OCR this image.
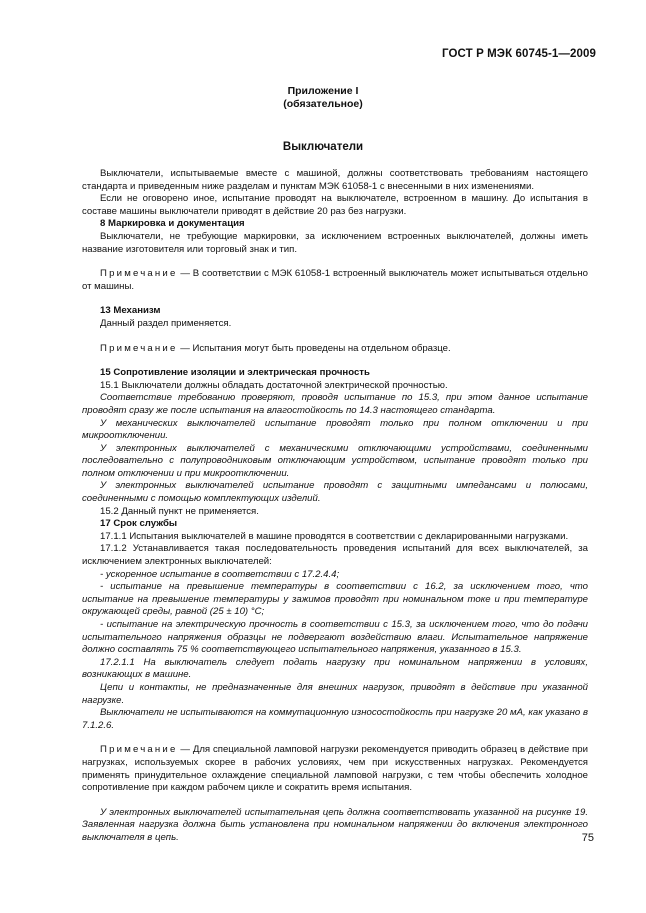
ГОСТ Р МЭК 60745-1—2009
Приложение I
(обязательное)
Выключатели

Выключатели, испытываемые вместе с машиной, должны соответствовать требованиям настоящего стандарта и приведенным ниже разделам и пунктам МЭК 61058-1 с внесенными в них изменениями.

Если не оговорено иное, испытание проводят на выключателе, встроенном в машину. До испытания в составе машины выключатели приводят в действие 20 раз без нагрузки.

8 Маркировка и документация

Выключатели, не требующие маркировки, за исключением встроенных выключателей, должны иметь название изготовителя или торговый знак и тип.

Примечание — В соответствии с МЭК 61058-1 встроенный выключатель может испытываться отдельно от машины.

13 Механизм

Данный раздел применяется.

Примечание — Испытания могут быть проведены на отдельном образце.

15 Сопротивление изоляции и электрическая прочность

15.1 Выключатели должны обладать достаточной электрической прочностью.

Соответствие требованию проверяют, проводя испытание по 15.3, при этом данное испытание проводят сразу же после испытания на влагостойкость по 14.3 настоящего стандарта.

У механических выключателей испытание проводят только при полном отключении и при микроотключении.

У электронных выключателей с механическими отключающими устройствами, соединенными последовательно с полупроводниковым отключающим устройством, испытание проводят только при полном отключении и при микроотключении.

У электронных выключателей испытание проводят с защитными импедансами и полюсами, соединенными с помощью комплектующих изделий.

15.2 Данный пункт не применяется.

17 Срок службы

17.1.1 Испытания выключателей в машине проводятся в соответствии с декларированными нагрузками.

17.1.2 Устанавливается такая последовательность проведения испытаний для всех выключателей, за исключением электронных выключателей:

- ускоренное испытание в соответствии с 17.2.4.4;

- испытание на превышение температуры в соответствии с 16.2, за исключением того, что испытание на превышение температуры у зажимов проводят при номинальном токе и при температуре окружающей среды, равной (25 ± 10) °С;

- испытание на электрическую прочность в соответствии с 15.3, за исключением того, что до подачи испытательного напряжения образцы не подвергают воздействию влаги. Испытательное напряжение должно составлять 75 % соответствующего испытательного напряжения, указанного в 15.3.

17.2.1.1 На выключатель следует подать нагрузку при номинальном напряжении в условиях, возникающих в машине.

Цепи и контакты, не предназначенные для внешних нагрузок, приводят в действие при указанной нагрузке.

Выключатели не испытываются на коммутационную износостойкость при нагрузке 20 мА, как указано в 7.1.2.6.

Примечание — Для специальной ламповой нагрузки рекомендуется приводить образец в действие при нагрузках, используемых скорее в рабочих условиях, чем при искусственных нагрузках. Рекомендуется применять принудительное охлаждение специальной ламповой нагрузки, с тем чтобы обеспечить холодное сопротивление при каждом рабочем цикле и сократить время испытания.

У электронных выключателей испытательная цепь должна соответствовать указанной на рисунке 19. Заявленная нагрузка должна быть установлена при номинальном напряжении до включения электронного выключателя в цепь.	75
